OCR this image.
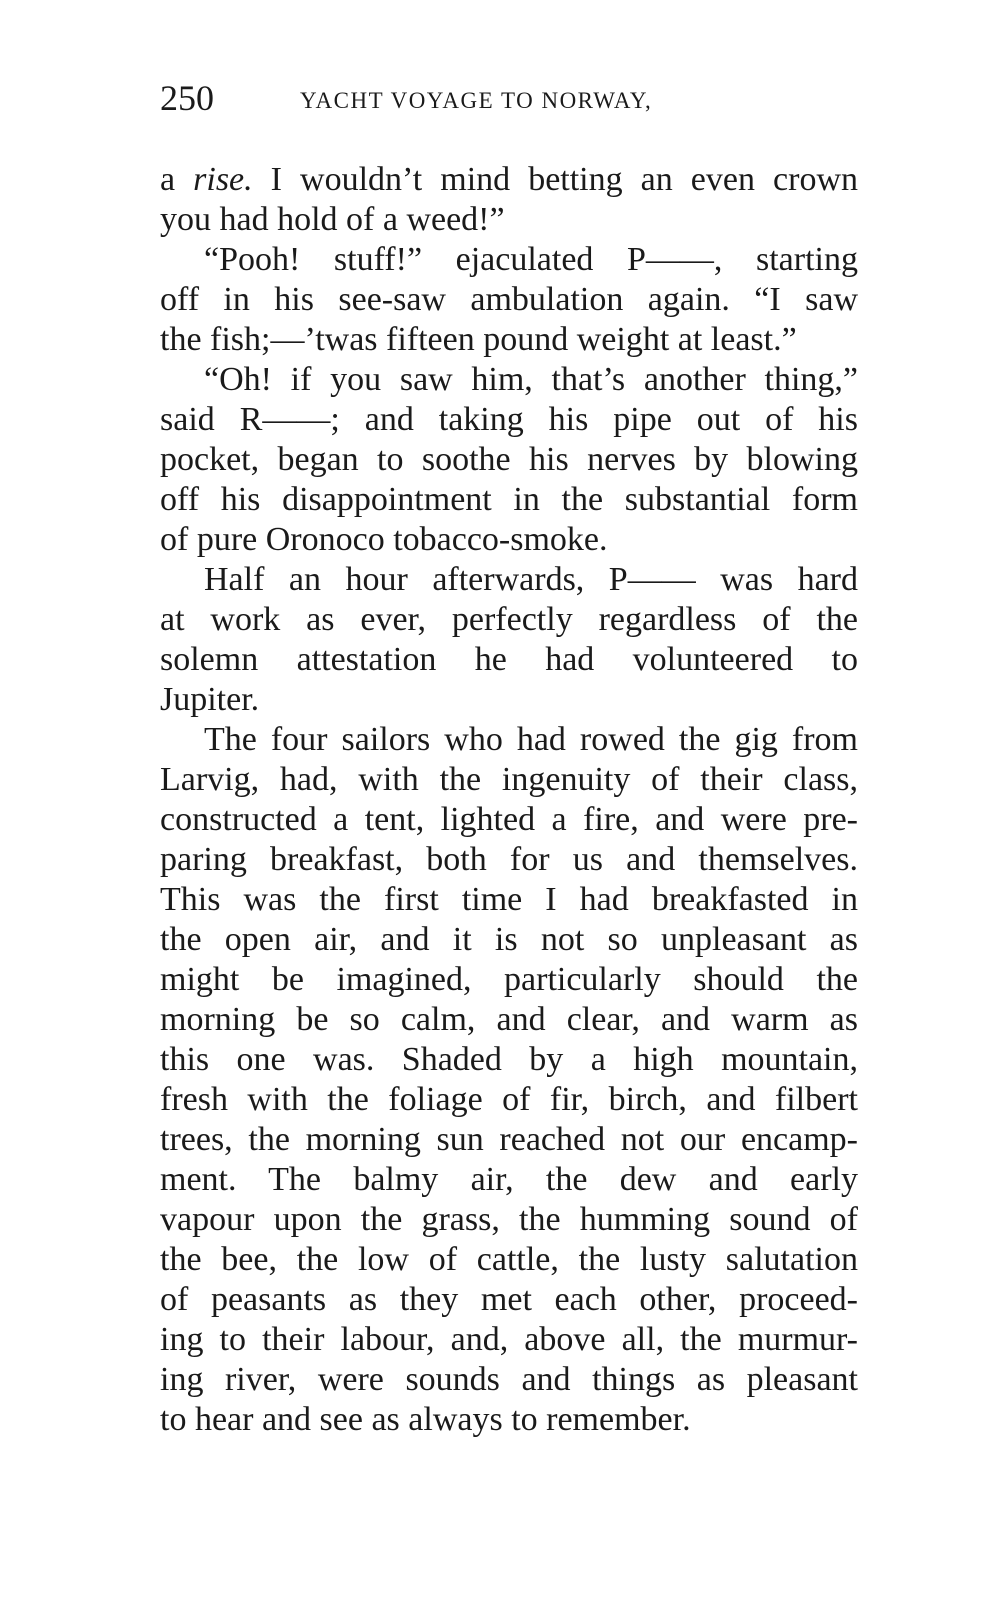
250	YACHT VOYAGE TO NORWAY,
a rise. I wouldn’t mind betting an even crown
you had hold of a weed!”
“Pooh! stuff!” ejaculated P——, starting
off in his see-saw ambulation again. “I saw
the fish;—’twas fifteen pound weight at least.”
“Oh! if you saw him, that’s another thing,”
said R——; and taking his pipe out of his
pocket, began to soothe his nerves by blowing
off his disappointment in the substantial form
of pure Oronoco tobacco-smoke.
Half an hour afterwards, P—— was hard
at work as ever, perfectly regardless of the
solemn attestation he had volunteered to
Jupiter.
The four sailors who had rowed the gig from
Larvig, had, with the ingenuity of their class,
constructed a tent, lighted a fire, and were pre-
paring breakfast, both for us and themselves.
This was the first time I had breakfasted in
the open air, and it is not so unpleasant as
might be imagined, particularly should the
morning be so calm, and clear, and warm as
this one was. Shaded by a high mountain,
fresh with the foliage of fir, birch, and filbert
trees, the morning sun reached not our encamp-
ment. The balmy air, the dew and early
vapour upon the grass, the humming sound of
the bee, the low of cattle, the lusty salutation
of peasants as they met each other, proceed-
ing to their labour, and, above all, the murmur-
ing river, were sounds and things as pleasant
to hear and see as always to remember.
